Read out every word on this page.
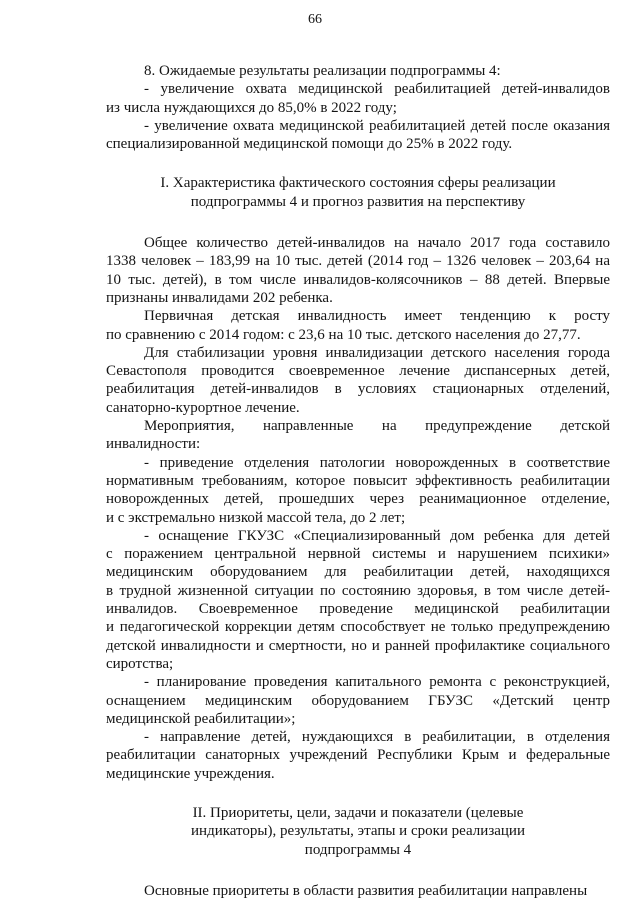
66
8. Ожидаемые результаты реализации подпрограммы 4:
- увеличение охвата медицинской реабилитацией детей-инвалидов
из числа нуждающихся до 85,0% в 2022 году;
- увеличение охвата медицинской реабилитацией детей после оказания
специализированной медицинской помощи до 25% в 2022 году.
I. Характеристика фактического состояния сферы реализации
подпрограммы 4 и прогноз развития на перспективу
Общее количество детей-инвалидов на начало 2017 года составило
1338 человек – 183,99 на 10 тыс. детей (2014 год – 1326 человек – 203,64 на
10 тыс. детей), в том числе инвалидов-колясочников – 88 детей. Впервые
признаны инвалидами 202 ребенка.
Первичная детская инвалидность имеет тенденцию к росту
по сравнению с 2014 годом: с 23,6 на 10 тыс. детского населения до 27,77.
Для стабилизации уровня инвалидизации детского населения города
Севастополя проводится своевременное лечение диспансерных детей,
реабилитация детей-инвалидов в условиях стационарных отделений,
санаторно-курортное лечение.
Мероприятия, направленные на предупреждение детской
инвалидности:
- приведение отделения патологии новорожденных в соответствие
нормативным требованиям, которое повысит эффективность реабилитации
новорожденных детей, прошедших через реанимационное отделение,
и с экстремально низкой массой тела, до 2 лет;
- оснащение ГКУЗС «Специализированный дом ребенка для детей
с поражением центральной нервной системы и нарушением психики»
медицинским оборудованием для реабилитации детей, находящихся
в трудной жизненной ситуации по состоянию здоровья, в том числе детей-
инвалидов. Своевременное проведение медицинской реабилитации
и педагогической коррекции детям способствует не только предупреждению
детской инвалидности и смертности, но и ранней профилактике социального
сиротства;
- планирование проведения капитального ремонта с реконструкцией,
оснащением медицинским оборудованием ГБУЗС «Детский центр
медицинской реабилитации»;
- направление детей, нуждающихся в реабилитации, в отделения
реабилитации санаторных учреждений Республики Крым и федеральные
медицинские учреждения.
II. Приоритеты, цели, задачи и показатели (целевые
индикаторы), результаты, этапы и сроки реализации
подпрограммы 4
Основные приоритеты в области развития реабилитации направлены
